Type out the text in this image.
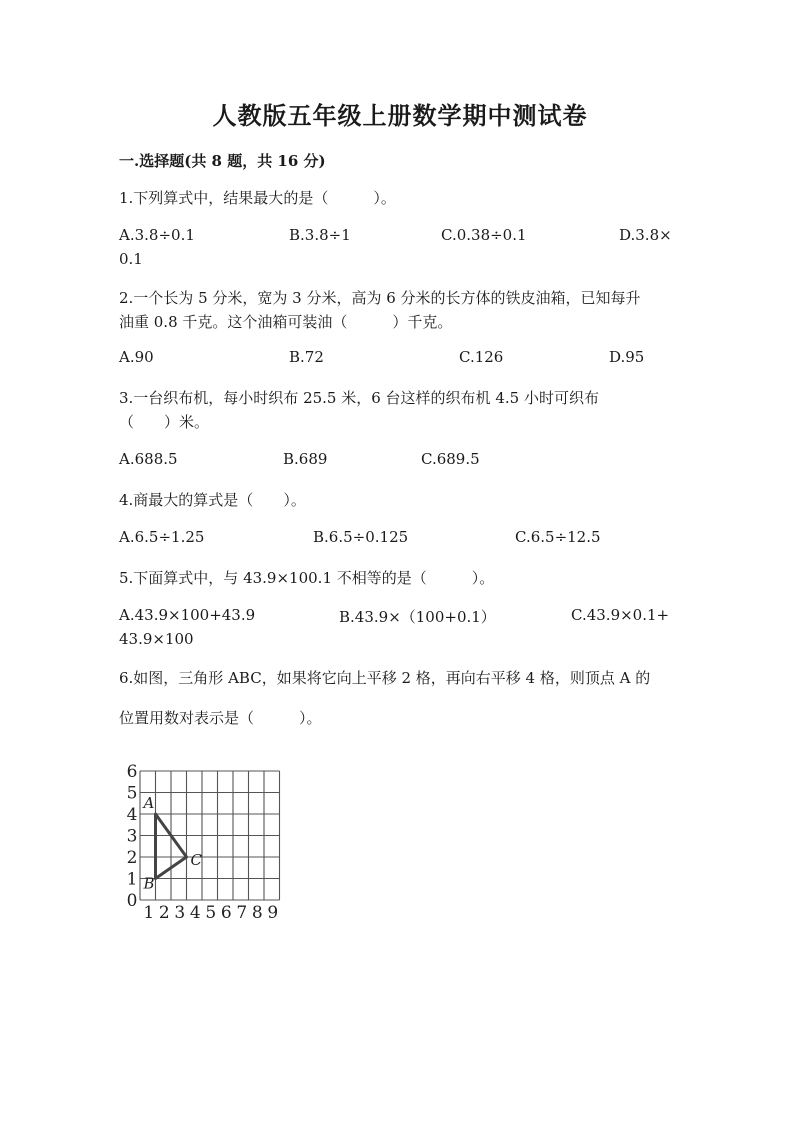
人教版五年级上册数学期中测试卷
一.选择题(共 8 题，共 16 分)
1.下列算式中，结果最大的是（　　　）。
A.3.8÷0.1	B.3.8÷1	C.0.38÷0.1	D.3.8×
0.1
2.一个长为 5 分米，宽为 3 分米，高为 6 分米的长方体的铁皮油箱，已知每升
油重 0.8 千克。这个油箱可装油（　　　）千克。
A.90	B.72	C.126	D.95
3.一台织布机，每小时织布 25.5 米，6 台这样的织布机 4.5 小时可织布
（　　）米。
A.688.5	B.689	C.689.5
4.商最大的算式是（　　）。
A.6.5÷1.25	B.6.5÷0.125	C.6.5÷12.5
5.下面算式中，与 43.9×100.1 不相等的是（　　　）。
A.43.9×100+43.9	B.43.9×（100+0.1）	C.43.9×0.1+
43.9×100
6.如图，三角形 ABC，如果将它向上平移 2 格，再向右平移 4 格，则顶点 A 的
位置用数对表示是（　　　）。
0
1
2
3
4
5
6
1 2 3 4 5 6 7 8 9
A
B
C
